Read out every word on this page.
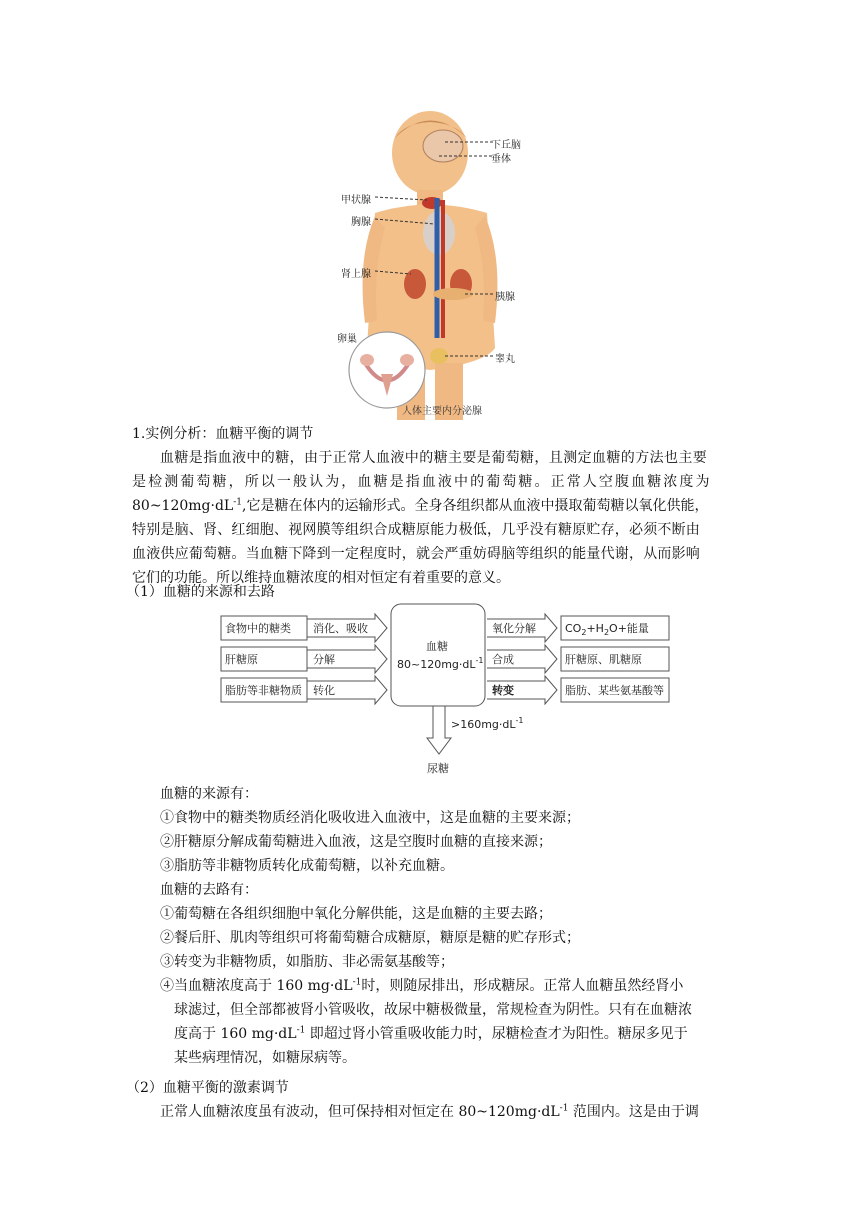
下丘脑
垂体
甲状腺
胸腺
肾上腺
胰腺
卵巢
睾丸
人体主要内分泌腺
1.实例分析：血糖平衡的调节
血糖是指血液中的糖，由于正常人血液中的糖主要是葡萄糖，且测定血糖的方法也主要
是检测葡萄糖，所以一般认为，血糖是指血液中的葡萄糖。正常人空腹血糖浓度为
$80\sim 120mg\cdot dL^{-1}$,它是糖在体内的运输形式。全身各组织都从血液中摄取葡萄糖以氧化供能，
特别是脑、肾、红细胞、视网膜等组织合成糖原能力极低，几乎没有糖原贮存，必须不断由
血液供应葡萄糖。当血糖下降到一定程度时，就会严重妨碍脑等组织的能量代谢，从而影响
它们的功能。所以维持血糖浓度的相对恒定有着重要的意义。
（1）血糖的来源和去路
食物中的糖类
肝糖原
脂肪等非糖物质
消化、吸收
分解
转化
血糖
$80\sim 120mg\cdot dL^{-1}$
氧化分解
合成
转变
$CO_2+H_2O+$能量
肝糖原、肌糖原
脂肪、某些氨基酸等
$>160mg\cdot dL^{-1}$
尿糖
血糖的来源有：
①食物中的糖类物质经消化吸收进入血液中，这是血糖的主要来源；
②肝糖原分解成葡萄糖进入血液，这是空腹时血糖的直接来源；
③脂肪等非糖物质转化成葡萄糖，以补充血糖。
血糖的去路有：
①葡萄糖在各组织细胞中氧化分解供能，这是血糖的主要去路；
②餐后肝、肌肉等组织可将葡萄糖合成糖原，糖原是糖的贮存形式；
③转变为非糖物质，如脂肪、非必需氨基酸等；
④当血糖浓度高于 160 $mg\cdot dL^{-1}$时，则随尿排出，形成糖尿。正常人血糖虽然经肾小
球滤过，但全部都被肾小管吸收，故尿中糖极微量，常规检查为阴性。只有在血糖浓
度高于 160 $mg\cdot dL^{-1}$ 即超过肾小管重吸收能力时，尿糖检查才为阳性。糖尿多见于
某些病理情况，如糖尿病等。
（2）血糖平衡的激素调节
正常人血糖浓度虽有波动，但可保持相对恒定在 $80\sim 120mg\cdot dL^{-1}$ 范围内。这是由于调
